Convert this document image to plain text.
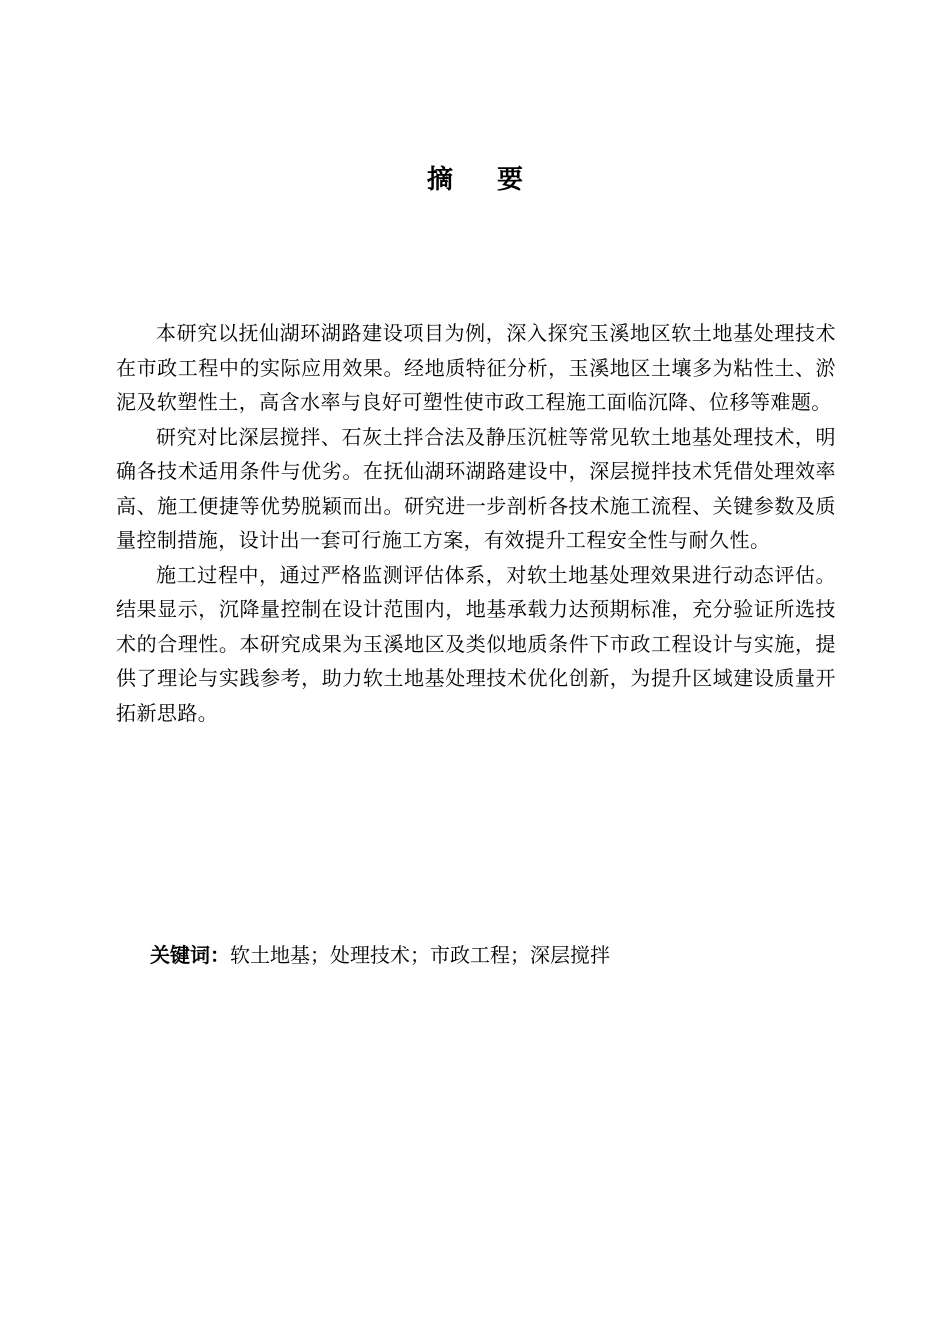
摘 要

本研究以抚仙湖环湖路建设项目为例，深入探究玉溪地区软土地基处理技术在市政工程中的实际应用效果。经地质特征分析，玉溪地区土壤多为粘性土、淤泥及软塑性土，高含水率与良好可塑性使市政工程施工面临沉降、位移等难题。

研究对比深层搅拌、石灰土拌合法及静压沉桩等常见软土地基处理技术，明确各技术适用条件与优劣。在抚仙湖环湖路建设中，深层搅拌技术凭借处理效率高、施工便捷等优势脱颖而出。研究进一步剖析各技术施工流程、关键参数及质量控制措施，设计出一套可行施工方案，有效提升工程安全性与耐久性。

施工过程中，通过严格监测评估体系，对软土地基处理效果进行动态评估。结果显示，沉降量控制在设计范围内，地基承载力达预期标准，充分验证所选技术的合理性。本研究成果为玉溪地区及类似地质条件下市政工程设计与实施，提供了理论与实践参考，助力软土地基处理技术优化创新，为提升区域建设质量开拓新思路。

关键词：软土地基；处理技术；市政工程；深层搅拌
